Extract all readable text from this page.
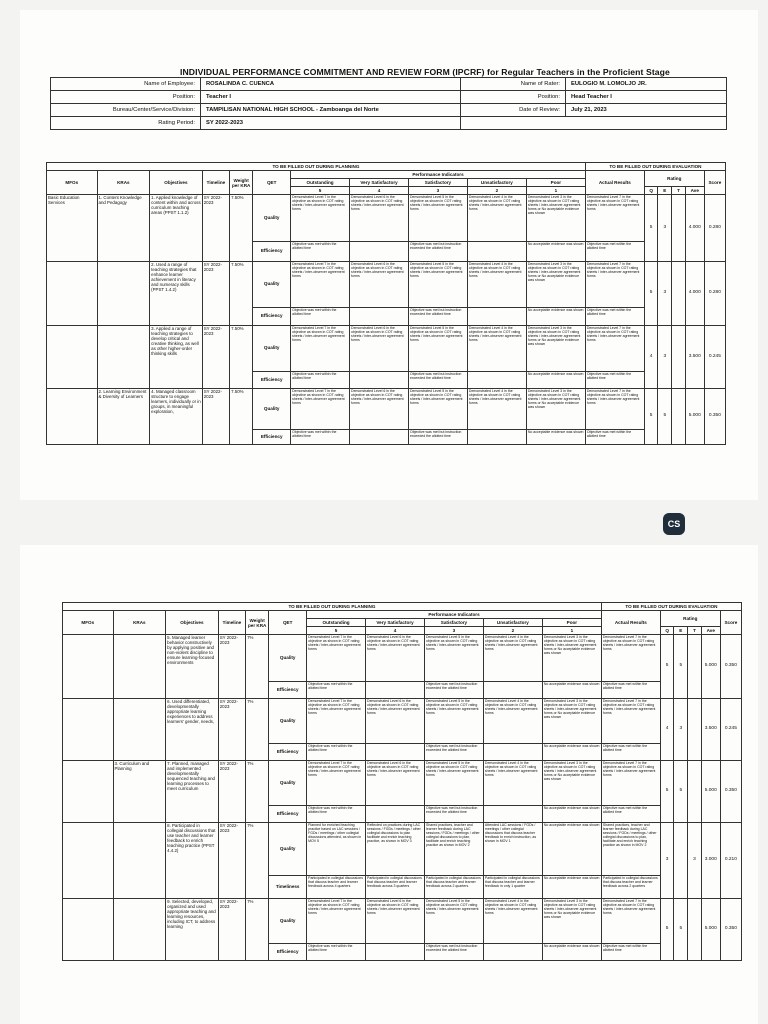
INDIVIDUAL PERFORMANCE COMMITMENT AND REVIEW FORM (IPCRF) for Regular Teachers in the Proficient Stage
Name of Employee:	ROSALINDA C. CUENCA	Name of Rater:	EULOGIO M. LOMOLJO JR.
Position:	Teacher I	Position:	Head Teacher I
Bureau/Center/Service/Division:	TAMPILISAN NATIONAL HIGH SCHOOL - Zamboanga del Norte	Date of Review:	July 21, 2023
Rating Period:	SY 2022-2023		
TO BE FILLED OUT DURING PLANNING											TO BE FILLED OUT DURING EVALUATION					
MFOs	KRAs	Objectives	Timeline	Weight per KRA	QET	Performance Indicators					Actual Results	Rating				Score
						Outstanding	Very Satisfactory	Satisfactory	Unsatisfactory	Poor						
						5	4	3	2	1		Q	E	T	Ave	
Basic Education Services	1. Content Knowledge and Pedagogy	1. Applied knowledge of content within and across curriculum teaching areas (PPST 1.1.2)	SY 2022-2023	7.50%	Quality	Demonstrated Level 7 in the objective as shown in COT rating sheets / inter-observer agreement forms	Demonstrated Level 6 in the objective as shown in COT rating sheets / inter-observer agreement forms	Demonstrated Level 5 in the objective as shown in COT rating sheets / inter-observer agreement forms	Demonstrated Level 4 in the objective as shown in COT rating sheets / inter-observer agreement forms	Demonstrated Level 3 in the objective as shown in COT rating sheets / inter-observer agreement forms or No acceptable evidence was shown	Demonstrated Level 7 in the objective as shown in COT rating sheets / inter-observer agreement forms	5	3		4.000	0.280
					Efficiency	Objective was met within the allotted time		Objective was met but instruction exceeded the allotted time		No acceptable evidence was shown	Objective was met within the allotted time					
		2. Used a range of teaching strategies that enhance learner achievement in literacy and numeracy skills (PPST 1.4.2)	SY 2022-2023	7.50%	Quality	Demonstrated Level 7 in the objective as shown in COT rating sheets / inter-observer agreement forms	Demonstrated Level 6 in the objective as shown in COT rating sheets / inter-observer agreement forms	Demonstrated Level 5 in the objective as shown in COT rating sheets / inter-observer agreement forms	Demonstrated Level 4 in the objective as shown in COT rating sheets / inter-observer agreement forms	Demonstrated Level 3 in the objective as shown in COT rating sheets / inter-observer agreement forms or No acceptable evidence was shown	Demonstrated Level 7 in the objective as shown in COT rating sheets / inter-observer agreement forms	5	3		4.000	0.280
					Efficiency	Objective was met within the allotted time		Objective was met but instruction exceeded the allotted time		No acceptable evidence was shown	Objective was met within the allotted time					
		3. Applied a range of teaching strategies to develop critical and creative thinking, as well as other higher-order thinking skills	SY 2022-2023	7.50%	Quality	Demonstrated Level 7 in the objective as shown in COT rating sheets / inter-observer agreement forms	Demonstrated Level 6 in the objective as shown in COT rating sheets / inter-observer agreement forms	Demonstrated Level 5 in the objective as shown in COT rating sheets / inter-observer agreement forms	Demonstrated Level 4 in the objective as shown in COT rating sheets / inter-observer agreement forms	Demonstrated Level 3 in the objective as shown in COT rating sheets / inter-observer agreement forms or No acceptable evidence was shown	Demonstrated Level 7 in the objective as shown in COT rating sheets / inter-observer agreement forms	4	3		3.500	0.245
					Efficiency	Objective was met within the allotted time		Objective was met but instruction exceeded the allotted time		No acceptable evidence was shown	Objective was met within the allotted time					
	2. Learning Environment & Diversity of Learners	4. Managed classroom structure to engage learners, individually or in groups, in meaningful exploration,	SY 2022-2023	7.50%	Quality	Demonstrated Level 7 in the objective as shown in COT rating sheets / inter-observer agreement forms	Demonstrated Level 6 in the objective as shown in COT rating sheets / inter-observer agreement forms	Demonstrated Level 5 in the objective as shown in COT rating sheets / inter-observer agreement forms	Demonstrated Level 4 in the objective as shown in COT rating sheets / inter-observer agreement forms	Demonstrated Level 3 in the objective as shown in COT rating sheets / inter-observer agreement forms or No acceptable evidence was shown	Demonstrated Level 7 in the objective as shown in COT rating sheets / inter-observer agreement forms	5	5		5.000	0.350
					Efficiency	Objective was met within the allotted time		Objective was met but instruction exceeded the allotted time		No acceptable evidence was shown	Objective was met within the allotted time					
CS
TO BE FILLED OUT DURING PLANNING											TO BE FILLED OUT DURING EVALUATION					
MFOs	KRAs	Objectives	Timeline	Weight per KRA	QET	Performance Indicators					Actual Results	Rating				Score
						Outstanding	Very Satisfactory	Satisfactory	Unsatisfactory	Poor						
						5	4	3	2	1		Q	E	T	Ave	
		5. Managed learner behavior constructively by applying positive and non-violent discipline to ensure learning-focused environments	SY 2022-2023	7%	Quality	Demonstrated Level 7 in the objective as shown in COT rating sheets / inter-observer agreement forms	Demonstrated Level 6 in the objective as shown in COT rating sheets / inter-observer agreement forms	Demonstrated Level 5 in the objective as shown in COT rating sheets / inter-observer agreement forms	Demonstrated Level 4 in the objective as shown in COT rating sheets / inter-observer agreement forms	Demonstrated Level 3 in the objective as shown in COT rating sheets / inter-observer agreement forms or No acceptable evidence was shown	Demonstrated Level 7 in the objective as shown in COT rating sheets / inter-observer agreement forms	5	5		5.000	0.350
					Efficiency	Objective was met within the allotted time		Objective was met but instruction exceeded the allotted time		No acceptable evidence was shown	Objective was met within the allotted time					
		6. Used differentiated, developmentally appropriate learning experiences to address learners' gender, needs,	SY 2022-2023	7%	Quality	Demonstrated Level 7 in the objective as shown in COT rating sheets / inter-observer agreement forms	Demonstrated Level 6 in the objective as shown in COT rating sheets / inter-observer agreement forms	Demonstrated Level 5 in the objective as shown in COT rating sheets / inter-observer agreement forms	Demonstrated Level 4 in the objective as shown in COT rating sheets / inter-observer agreement forms	Demonstrated Level 3 in the objective as shown in COT rating sheets / inter-observer agreement forms or No acceptable evidence was shown	Demonstrated Level 7 in the objective as shown in COT rating sheets / inter-observer agreement forms	4	3		3.500	0.245
					Efficiency	Objective was met within the allotted time		Objective was met but instruction exceeded the allotted time		No acceptable evidence was shown	Objective was met within the allotted time					
	3. Curriculum and Planning	7. Planned, managed and implemented developmentally sequenced teaching and learning processes to meet curriculum	SY 2022-2023	7%	Quality	Demonstrated Level 7 in the objective as shown in COT rating sheets / inter-observer agreement forms	Demonstrated Level 6 in the objective as shown in COT rating sheets / inter-observer agreement forms	Demonstrated Level 5 in the objective as shown in COT rating sheets / inter-observer agreement forms	Demonstrated Level 4 in the objective as shown in COT rating sheets / inter-observer agreement forms	Demonstrated Level 3 in the objective as shown in COT rating sheets / inter-observer agreement forms or No acceptable evidence was shown	Demonstrated Level 7 in the objective as shown in COT rating sheets / inter-observer agreement forms	5	5		5.000	0.350
					Efficiency	Objective was met within the allotted time		Objective was met but instruction exceeded the allotted time		No acceptable evidence was shown	Objective was met within the allotted time					
		8. Participated in collegial discussions that use teacher and learner feedback to enrich teaching practice (PPST 4.4.2)	SY 2022-2023	7%	Quality	Planned for enriched teaching practice based on LAC sessions / FGDs / meetings / other collegial discussions attended, as shown in MOV 5	Reflected on practices during LAC sessions / FGDs / meetings / other collegial discussions to plan facilitate and enrich teaching practice, as shown in MOV 3	Shared practices, teacher and learner feedback during LAC sessions / FGDs / meetings / other collegial discussions to plan, facilitate and enrich teaching practice as shown in MOV 2	Attended LAC sessions / FGDs / meetings / other collegial discussions that discuss teacher feedback to enrich instruction, as shown in MOV 1	No acceptable evidence was shown	Shared practices, teacher and learner feedback during LAC sessions / FGDs / meetings / other collegial discussions to plan, facilitate and enrich teaching practice as shown in MOV 2	3		3	3.000	0.210
					Timeliness	Participated in collegial discussions that discuss teacher and learner feedback across 4 quarters	Participated in collegial discussions that discuss teacher and learner feedback across 3 quarters	Participated in collegial discussions that discuss teacher and learner feedback across 2 quarters	Participated in collegial discussions that discuss teacher and learner feedback in only 1 quarter	No acceptable evidence was shown	Participated in collegial discussions that discuss teacher and learner feedback across 2 quarters					
		9. Selected, developed, organized and used appropriate teaching and learning resources, including ICT, to address learning	SY 2022-2023	7%	Quality	Demonstrated Level 7 in the objective as shown in COT rating sheets / inter-observer agreement forms	Demonstrated Level 6 in the objective as shown in COT rating sheets / inter-observer agreement forms	Demonstrated Level 5 in the objective as shown in COT rating sheets / inter-observer agreement forms	Demonstrated Level 4 in the objective as shown in COT rating sheets / inter-observer agreement forms	Demonstrated Level 3 in the objective as shown in COT rating sheets / inter-observer agreement forms or No acceptable evidence was shown	Demonstrated Level 7 in the objective as shown in COT rating sheets / inter-observer agreement forms	5	5		5.000	0.350
					Efficiency	Objective was met within the allotted time		Objective was met but instruction exceeded the allotted time		No acceptable evidence was shown	Objective was met within the allotted time					
